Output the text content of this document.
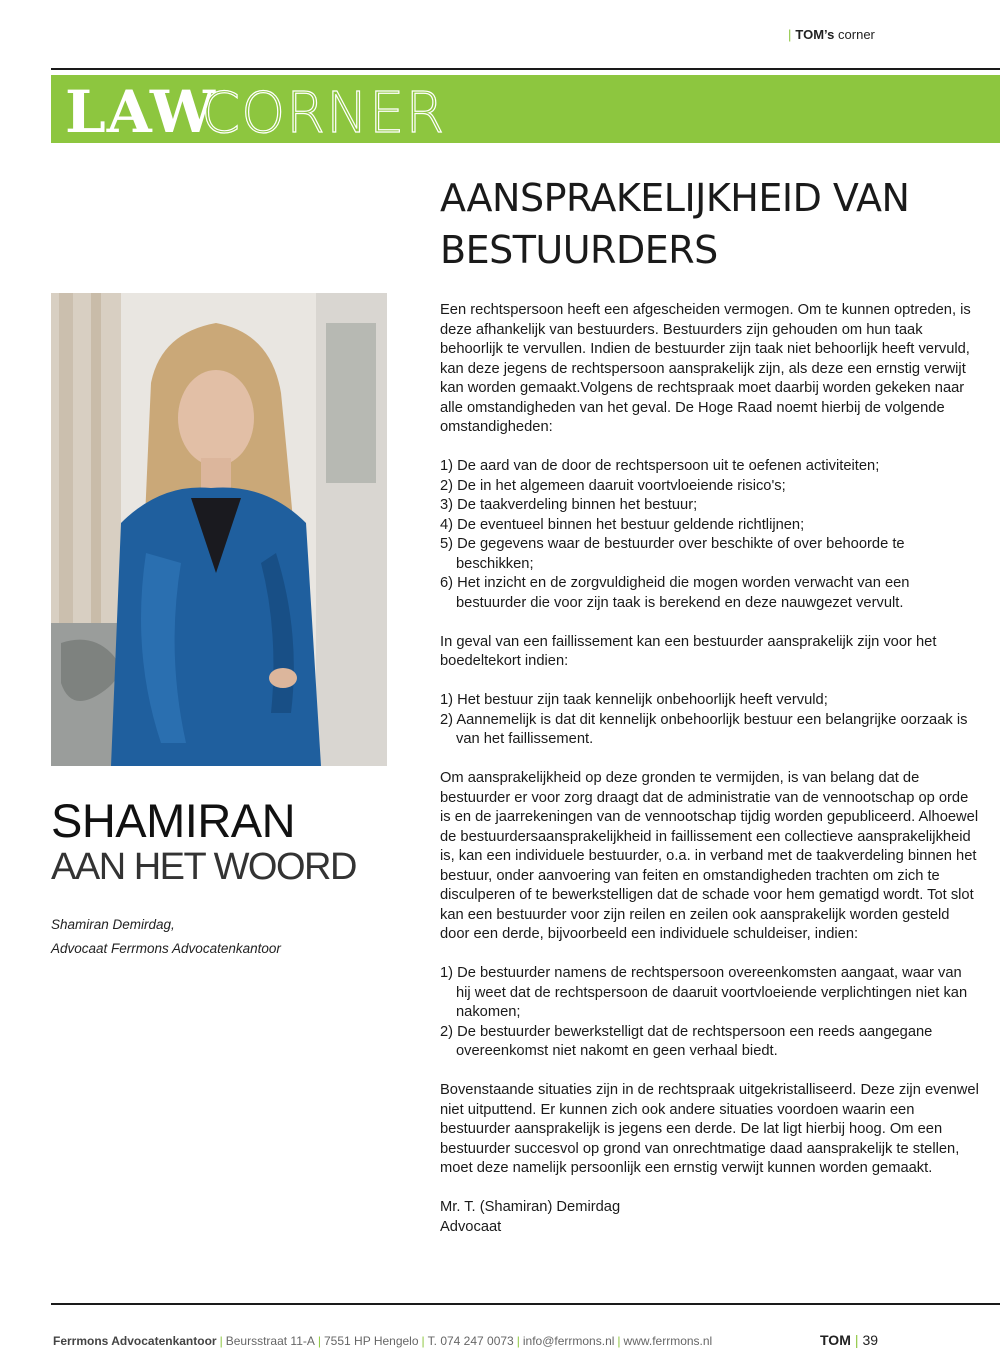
| TOM’s corner
LAW
CORNER
AANSPRAKELIJKHEID VAN BESTUURDERS
SHAMIRAN
AAN HET WOORD
Shamiran Demirdag,
Advocaat Ferrmons Advocatenkantoor

Een rechtspersoon heeft een afgescheiden vermogen. Om te kunnen optreden, is deze afhankelijk van bestuurders. Bestuurders zijn gehouden om hun taak behoorlijk te vervullen. Indien de bestuurder zijn taak niet behoorlijk heeft vervuld, kan deze jegens de rechtspersoon aansprakelijk zijn, als deze een ernstig verwijt kan worden gemaakt.Volgens de rechtspraak moet daarbij worden gekeken naar alle omstandigheden van het geval. De Hoge Raad noemt hierbij de volgende omstandigheden:

1) De aard van de door de rechtspersoon uit te oefenen activiteiten;
2) De in het algemeen daaruit voortvloeiende risico's;
3) De taakverdeling binnen het bestuur;
4) De eventueel binnen het bestuur geldende richtlijnen;
5) De gegevens waar de bestuurder over beschikte of over behoorde te beschikken;
6) Het inzicht en de zorgvuldigheid die mogen worden verwacht van een bestuurder die voor zijn taak is berekend en deze nauwgezet vervult.

In geval van een faillissement kan een bestuurder aansprakelijk zijn voor het boedeltekort indien:

1) Het bestuur zijn taak kennelijk onbehoorlijk heeft vervuld;
2) Aannemelijk is dat dit kennelijk onbehoorlijk bestuur een belangrijke oorzaak is van het faillissement.

Om aansprakelijkheid op deze gronden te vermijden, is van belang dat de bestuurder er voor zorg draagt dat de administratie van de vennootschap op orde is en de jaarrekeningen van de vennootschap tijdig worden gepubliceerd. Alhoewel de bestuurdersaansprakelijkheid in faillissement een collectieve aansprakelijkheid is, kan een individuele bestuurder, o.a. in verband met de taakverdeling binnen het bestuur, onder aanvoering van feiten en omstandigheden trachten om zich te disculperen of te bewerkstelligen dat de schade voor hem gematigd wordt. Tot slot kan een bestuurder voor zijn reilen en zeilen ook aansprakelijk worden gesteld door een derde, bijvoorbeeld een individuele schuldeiser, indien:

1) De bestuurder namens de rechtspersoon overeenkomsten aangaat, waar van hij weet dat de rechtspersoon de daaruit voortvloeiende verplichtingen niet kan nakomen;
2) De bestuurder bewerkstelligt dat de rechtspersoon een reeds aangegane overeenkomst niet nakomt en geen verhaal biedt.

Bovenstaande situaties zijn in de rechtspraak uitgekristalliseerd. Deze zijn evenwel niet uitputtend. Er kunnen zich ook andere situaties voordoen waarin een bestuurder aansprakelijk is jegens een derde. De lat ligt hierbij hoog. Om een bestuurder succesvol op grond van onrechtmatige daad aansprakelijk te stellen, moet deze namelijk persoonlijk een ernstig verwijt kunnen worden gemaakt.

Mr. T. (Shamiran) Demirdag

Advocaat

Ferrmons Advocatenkantoor | Beursstraat 11-A | 7551 HP Hengelo | T. 074 247 0073 | info@ferrmons.nl | www.ferrmons.nl	TOM | 39
